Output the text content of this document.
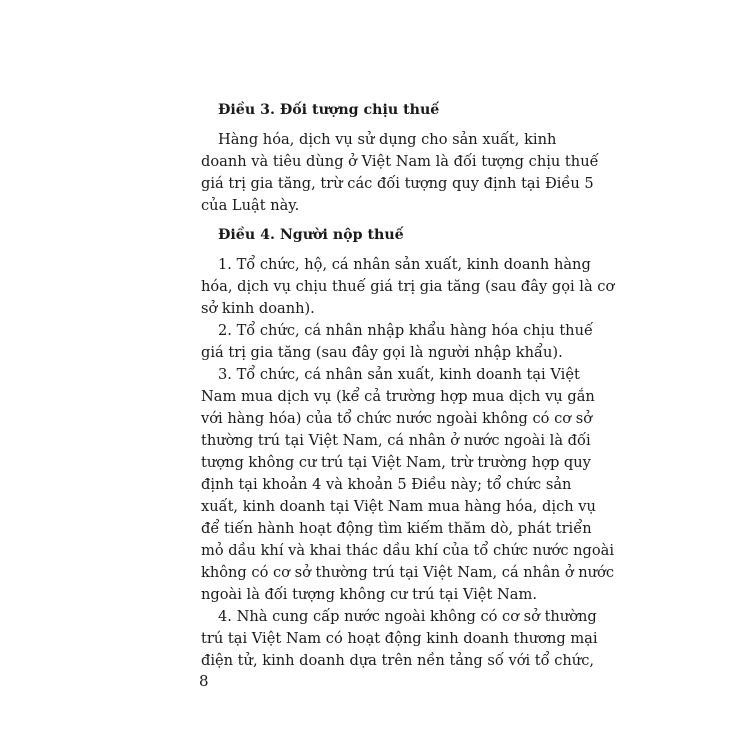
Điều 3. Đối tượng chịu thuế
Hàng hóa, dịch vụ sử dụng cho sản xuất, kinh
doanh và tiêu dùng ở Việt Nam là đối tượng chịu thuế
giá trị gia tăng, trừ các đối tượng quy định tại Điều 5
của Luật này.
Điều 4. Người nộp thuế
1. Tổ chức, hộ, cá nhân sản xuất, kinh doanh hàng
hóa, dịch vụ chịu thuế giá trị gia tăng (sau đây gọi là cơ
sở kinh doanh).
2. Tổ chức, cá nhân nhập khẩu hàng hóa chịu thuế
giá trị gia tăng (sau đây gọi là người nhập khẩu).
3. Tổ chức, cá nhân sản xuất, kinh doanh tại Việt
Nam mua dịch vụ (kể cả trường hợp mua dịch vụ gắn
với hàng hóa) của tổ chức nước ngoài không có cơ sở
thường trú tại Việt Nam, cá nhân ở nước ngoài là đối
tượng không cư trú tại Việt Nam, trừ trường hợp quy
định tại khoản 4 và khoản 5 Điều này; tổ chức sản
xuất, kinh doanh tại Việt Nam mua hàng hóa, dịch vụ
để tiến hành hoạt động tìm kiếm thăm dò, phát triển
mỏ dầu khí và khai thác dầu khí của tổ chức nước ngoài
không có cơ sở thường trú tại Việt Nam, cá nhân ở nước
ngoài là đối tượng không cư trú tại Việt Nam.
4. Nhà cung cấp nước ngoài không có cơ sở thường
trú tại Việt Nam có hoạt động kinh doanh thương mại
điện tử, kinh doanh dựa trên nền tảng số với tổ chức,
8
